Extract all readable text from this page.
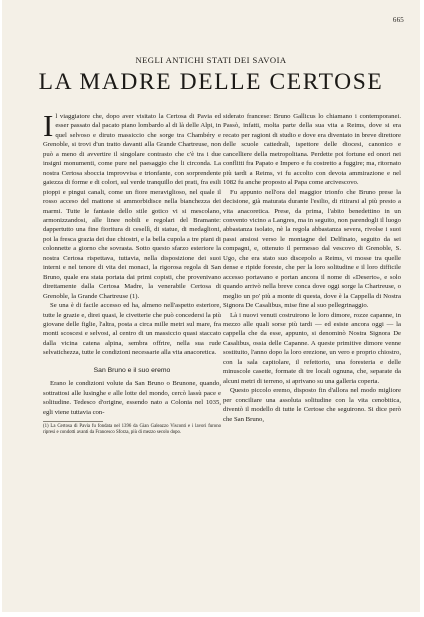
665
NEGLI ANTICHI STATI DEI SAVOIA
LA MADRE DELLE CERTOSE

Il viaggiatore che, dopo aver visitato la Certosa di Pavia ed esser passato dal pacato piano lombardo al di là delle Alpi, in quel selvoso e diruto massiccio che sorge tra Chambéry e Grenoble, si trovi d'un tratto davanti alla Grande Chartreuse, non può a meno di avvertire il singolare contrasto che c'è tra i due insigni monumenti, come pure nel paesaggio che li circonda. La nostra Certosa sboccia improvvisa e trionfante, con sorprendente gaiezza di forme e di colori, sul verde tranquillo dei prati, fra esili pioppi e pingui canali, come un fiore meraviglioso, nel quale il rosso acceso del mattone si ammorbidisce nella bianchezza dei marmi. Tutte le fantasie dello stile gotico vi si mescolano, armonizzandosi, alle linee nobili e regolari del Bramante: dappertutto una fine fioritura di cesellì, di statue, di medaglioni, poi la fresca grazia dei due chiostri, e la bella cupola a tre piani di colonnette a giorno che sovrasta. Sotto questo sfarzo esteriore la nostra Certosa rispettava, tuttavia, nella disposizione dei suoi interni e nel tenore di vita dei monaci, la rigorosa regola di San Bruno, quale era stata portata dai primi copisti, che provenivano direttamente dalla Certosa Madre, la venerabile Certosa di Grenoble, la Grande Chartreuse (1).

Se una è di facile accesso ed ha, almeno nell'aspetto esteriore, tutte le grazie e, direi quasi, le civetterie che può concedersi la più giovane delle figlie, l'altra, posta a circa mille metri sul mare, fra monti scoscesi e selvosi, al centro di un massiccio quasi staccato dalla vicina catena alpina, sembra offrire, nella sua rude selvatichezza, tutte le condizioni necessarie alla vita anacoretica.

San Bruno e il suo eremo

Erano le condizioni volute da San Bruno o Brunone, quando, sottrattosi alle lusinghe e alle lotte del mondo, cercò lassù pace e solitudine. Tedesco d'origine, essendo nato a Colonia nel 1035, egli viene tuttavia con-

(1) La Certosa di Pavia fu fondata nel 1396 da Gian Galeazzo Visconti e i lavori furono ripresi e condotti avanti da Francesco Sforza, più di mezzo secolo dopo.

siderato francese: Bruno Gallicus lo chiamano i contemporanei. Passò, infatti, molta parte della sua vita a Reims, dove si era recato per ragioni di studio e dove era diventato in breve direttore delle scuole cattedrali, ispettore delle diocesi, canonico e cancelliere della metropolitana. Perdette poi fortune ed onori nei conflitti fra Papato e Impero e fu costretto a fuggire; ma, ritornato più tardi a Reims, vi fu accolto con devota ammirazione e nel 1082 fu anche proposto al Papa come arcivescovo.

Fu appunto nell'ora del maggior trionfo che Bruno prese la decisione, già maturata durante l'esilio, di ritirarsi al più presto a vita anacoretica. Prese, da prima, l'abito benedettino in un convento vicino a Langres, ma in seguito, non parendogli il luogo abbastanza isolato, nè la regola abbastanza severa, rivolse i suoi passi ansiosi verso le montagne del Delfinato, seguito da sei compagni, e, ottenuto il permesso dal vescovo di Grenoble, S. Ugo, che era stato suo discepolo a Reims, vi mosse tra quelle dense e ripide foreste, che per la loro solitudine e il loro difficile accesso portavano e portan ancora il nome di «Deserto», e solo quando arrivò nella breve conca dove oggi sorge la Chartreuse, o meglio un po' più a monte di questa, dove è la Cappella di Nostra Signora De Casalibus, mise fine al suo pellegrinaggio.

Là i nuovi venuti costruirono le loro dimore, rozze capanne, in mezzo alle quali sorse più tardi — ed esiste ancora oggi — la cappella che da esse, appunto, si denominò Nostra Signora De Casalibus, ossia delle Capanne. A queste primitive dimore venne sostituito, l'anno dopo la loro erezione, un vero e proprio chiostro, con la sala capitolare, il refettorio, una foresteria e delle minuscole casette, formate di tre locali ognuna, che, separate da alcuni metri di terreno, si aprivano su una galleria coperta.

Questo piccolo eremo, disposto fin d'allora nel modo migliore per conciliare una assoluta solitudine con la vita cenobitica, diventò il modello di tutte le Certose che seguirono. Si dice però che San Bruno,
